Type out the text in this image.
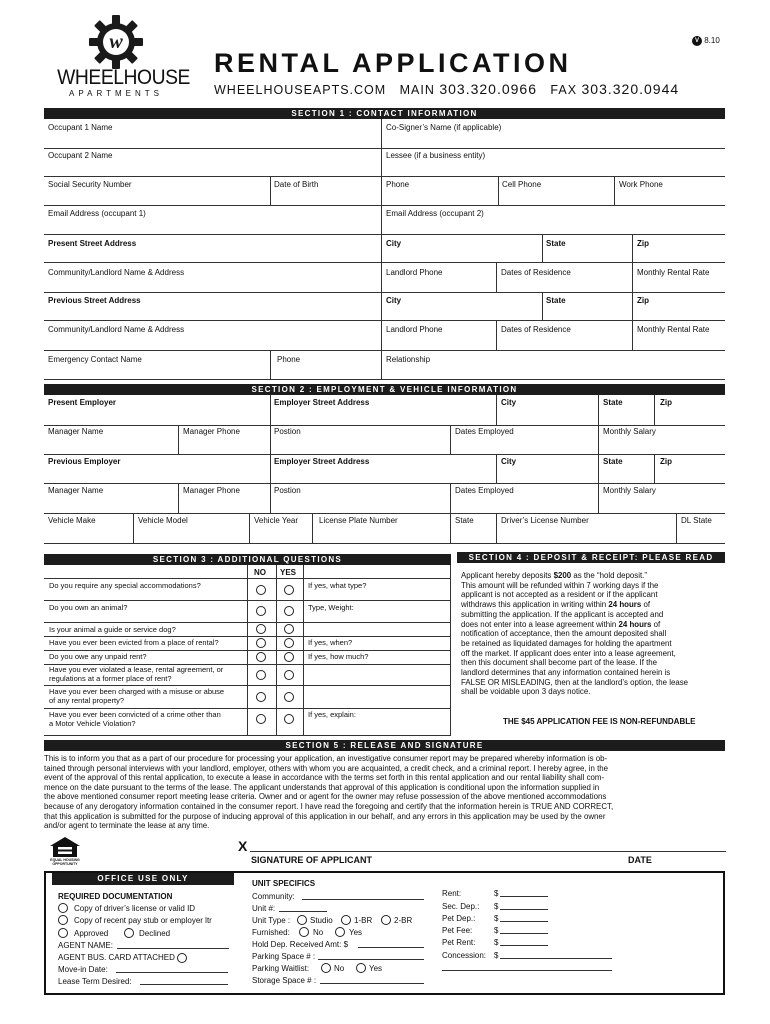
w
WHEELHOUSE
APARTMENTS
V 8.10
RENTAL APPLICATION
WHEELHOUSEAPTS.COM MAIN 303.320.0966 FAX 303.320.0944
SECTION 1 : CONTACT INFORMATION
Occupant 1 Name	Co-Signer’s Name (if applicable)
Occupant 2 Name	Lessee (if a business entity)
Social Security Number	Date of Birth	Phone	Cell Phone	Work Phone
Email Address (occupant 1)	Email Address (occupant 2)
Present Street Address	City	State	Zip
Community/Landlord Name & Address	Landlord Phone	Dates of Residence	Monthly Rental Rate
Previous Street Address	City	State	Zip
Community/Landlord Name & Address	Landlord Phone	Dates of Residence	Monthly Rental Rate
Emergency Contact Name	Phone	Relationship
SECTION 2 : EMPLOYMENT & VEHICLE INFORMATION
Present Employer	Employer Street Address	City	State	Zip
Manager Name	Manager Phone	Postion	Dates Employed	Monthly Salary
Previous Employer	Employer Street Address	City	State	Zip
Manager Name	Manager Phone	Postion	Dates Employed	Monthly Salary
Vehicle Make	Vehicle Model	Vehicle Year	License Plate Number	State	Driver’s License Number	DL State
SECTION 3 : ADDITIONAL QUESTIONS
NO YES
Do you require any special accommodations?	If yes, what type?
Do you own an animal?	Type, Weight:
Is your animal a guide or service dog?
Have you ever been evicted from a place of rental?	If yes, when?
Do you owe any unpaid rent?	If yes, how much?
Have you ever violated a lease, rental agreement, or
regulations at a former place of rent?
Have you ever been charged with a misuse or abuse
of any rental property?
Have you ever been convicted of a crime other than
a Motor Vehicle Violation?
If yes, explain:
SECTION 4 : DEPOSIT & RECEIPT: PLEASE READ
Applicant hereby deposits $200 as the “hold deposit.”
This amount will be refunded within 7 working days if the
applicant is not accepted as a resident or if the applicant
withdraws this application in writing within 24 hours of
submitting the application. If the applicant is accepted and
does not enter into a lease agreement within 24 hours of
notification of acceptance, then the amount deposited shall
be retained as liquidated damages for holding the apartment
off the market. If applicant does enter into a lease agreement,
then this document shall become part of the lease. If the
landlord determines that any information contained herein is
FALSE OR MISLEADING, then at the landlord’s option, the lease
shall be voidable upon 3 days notice.
THE $45 APPLICATION FEE IS NON-REFUNDABLE
SECTION 5 : RELEASE AND SIGNATURE
This is to inform you that as a part of our procedure for processing your application, an investigative consumer report may be prepared whereby information is ob-
tained through personal interviews with your landlord, employer, others with whom you are acquainted, a credit check, and a criminal report. I hereby agree, in the
event of the approval of this rental application, to execute a lease in accordance with the terms set forth in this rental application and our rental liability shall com-
mence on the date pursuant to the terms of the lease. The applicant understands that approval of this application is conditional upon the information supplied in
the above mentioned consumer report meeting lease criteria. Owner and or agent for the owner may refuse possession of the above mentioned accommodations
because of any derogatory information contained in the consumer report. I have read the foregoing and certify that the information herein is TRUE AND CORRECT,
that this application is submitted for the purpose of inducing approval of this application in our behalf, and any errors in this application may be used by the owner
and/or agent to terminate the lease at any time.
EQUAL HOUSING
OPPORTUNITY
X
SIGNATURE OF APPLICANT	DATE
OFFICE USE ONLY
REQUIRED DOCUMENTATION
Copy of driver’s license or valid ID
Copy of recent pay stub or employer ltr
Approved	Declined
AGENT NAME:
AGENT BUS. CARD ATTACHED
Move-in Date:
Lease Term Desired:
UNIT SPECIFICS
Community:
Unit #:
Unit Type : Studio	1-BR	2-BR
Furnished:	No	Yes
Hold Dep. Received Amt: $
Parking Space # :
Parking Waitlist:	No	Yes
Storage Space # :
Rent:	$
Sec. Dep.: $
Pet Dep.: $
Pet Fee:	$
Pet Rent: $
Concession: $
